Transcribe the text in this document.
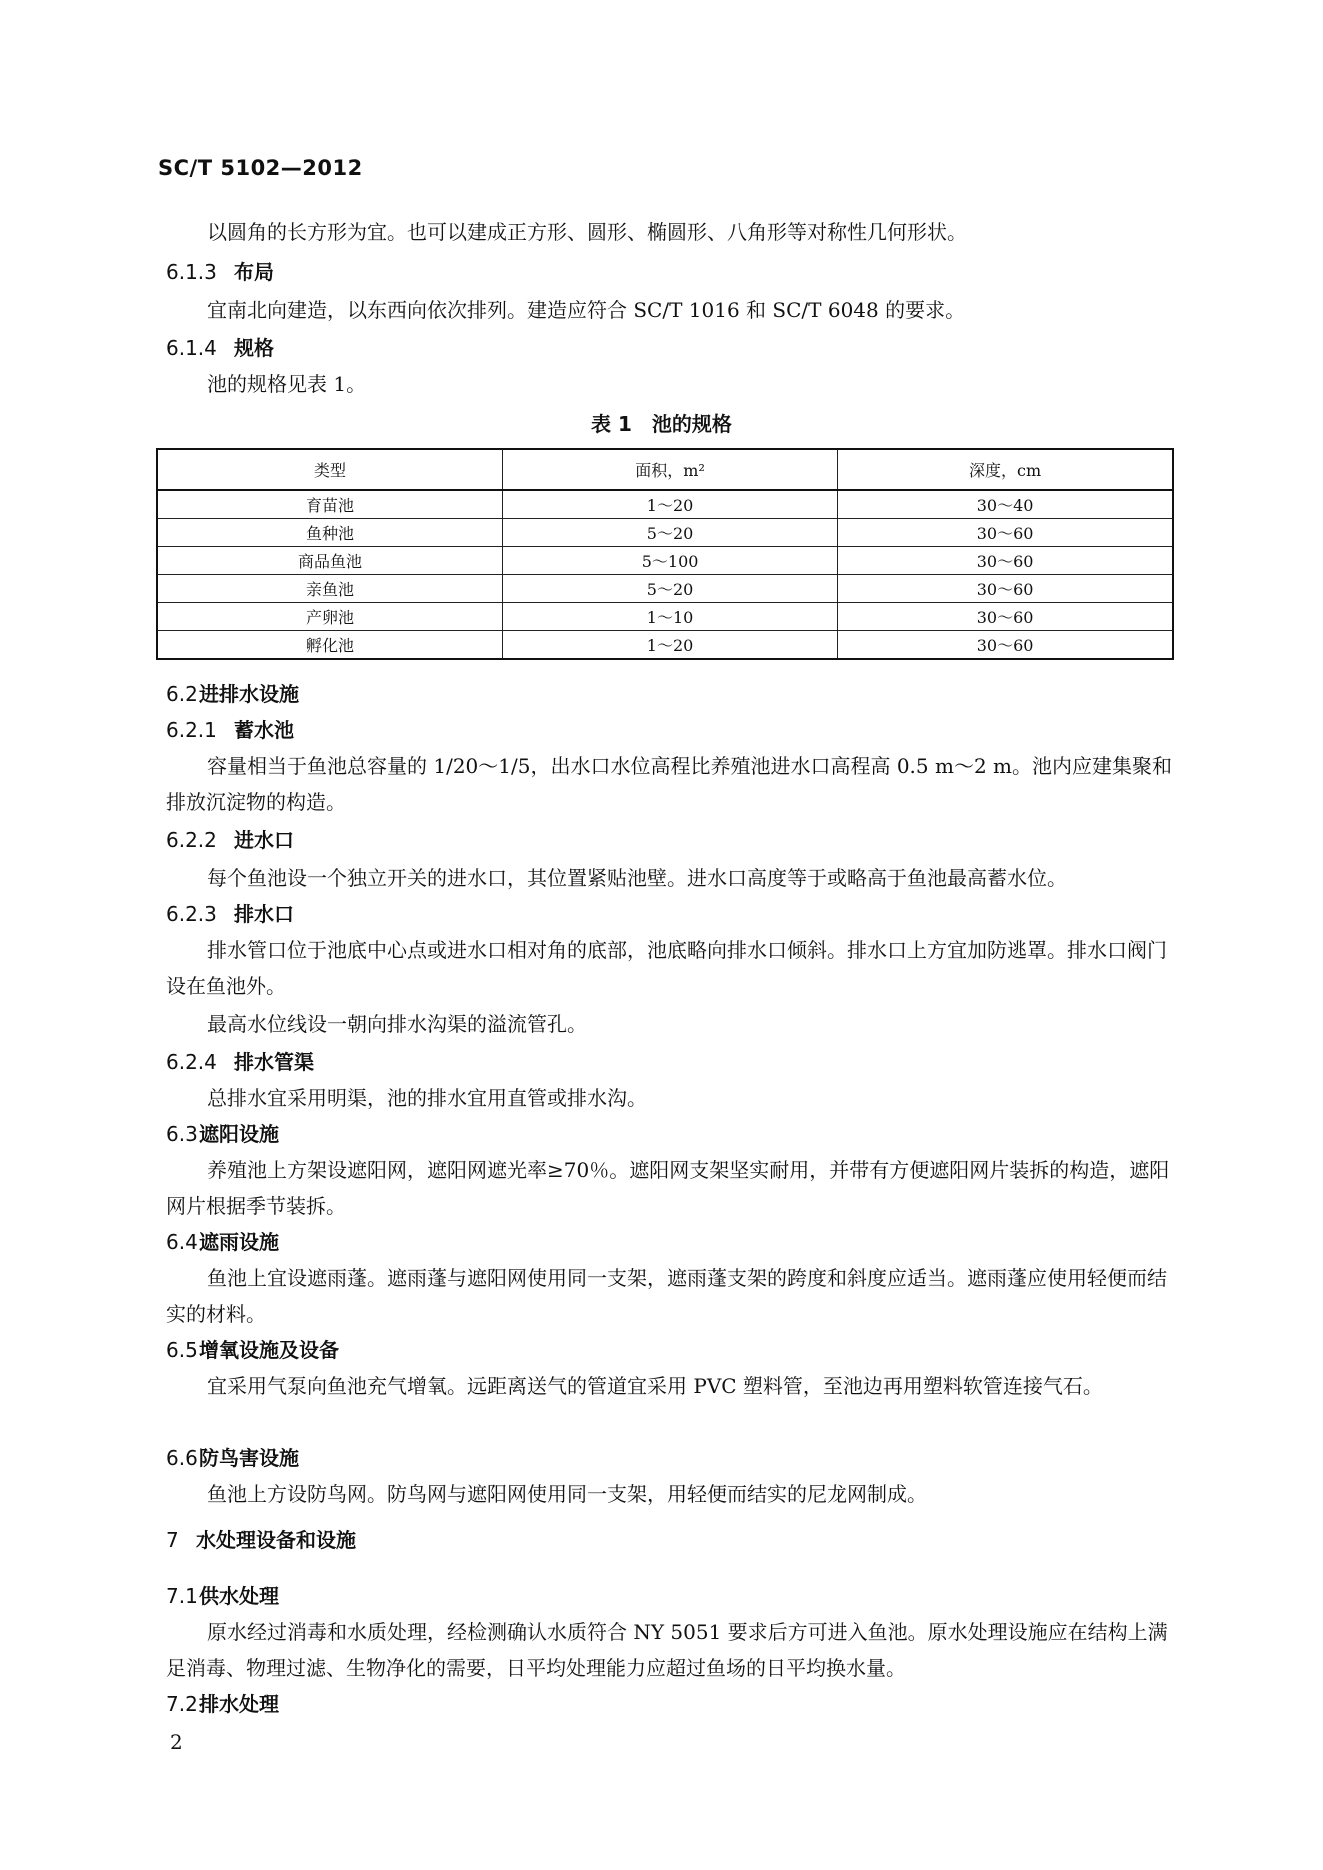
SC/T 5102—2012
以圆角的长方形为宜。也可以建成正方形、圆形、椭圆形、八角形等对称性几何形状。
6.1.3 布局
宜南北向建造，以东西向依次排列。建造应符合 SC/T 1016 和 SC/T 6048 的要求。
6.1.4 规格
池的规格见表 1。
表 1　池的规格
类型	面积，m²	深度，cm
育苗池	1～20	30～40
鱼种池	5～20	30～60
商品鱼池	5～100	30～60
亲鱼池	5～20	30～60
产卵池	1～10	30～60
孵化池	1～20	30～60
6.2进排水设施
6.2.1 蓄水池
容量相当于鱼池总容量的 1/20～1/5，出水口水位高程比养殖池进水口高程高 0.5 m～2 m。池内应建集聚和排放沉淀物的构造。
6.2.2 进水口
每个鱼池设一个独立开关的进水口，其位置紧贴池壁。进水口高度等于或略高于鱼池最高蓄水位。
6.2.3 排水口
排水管口位于池底中心点或进水口相对角的底部，池底略向排水口倾斜。排水口上方宜加防逃罩。排水口阀门设在鱼池外。
最高水位线设一朝向排水沟渠的溢流管孔。
6.2.4 排水管渠
总排水宜采用明渠，池的排水宜用直管或排水沟。
6.3遮阳设施
养殖池上方架设遮阳网，遮阳网遮光率≥70％。遮阳网支架坚实耐用，并带有方便遮阳网片装拆的构造，遮阳网片根据季节装拆。
6.4遮雨设施
鱼池上宜设遮雨蓬。遮雨蓬与遮阳网使用同一支架，遮雨蓬支架的跨度和斜度应适当。遮雨蓬应使用轻便而结实的材料。
6.5增氧设施及设备
宜采用气泵向鱼池充气增氧。远距离送气的管道宜采用 PVC 塑料管，至池边再用塑料软管连接气石。
6.6防鸟害设施
鱼池上方设防鸟网。防鸟网与遮阳网使用同一支架，用轻便而结实的尼龙网制成。
7 水处理设备和设施
7.1供水处理
原水经过消毒和水质处理，经检测确认水质符合 NY 5051 要求后方可进入鱼池。原水处理设施应在结构上满足消毒、物理过滤、生物净化的需要，日平均处理能力应超过鱼场的日平均换水量。
7.2排水处理
2
